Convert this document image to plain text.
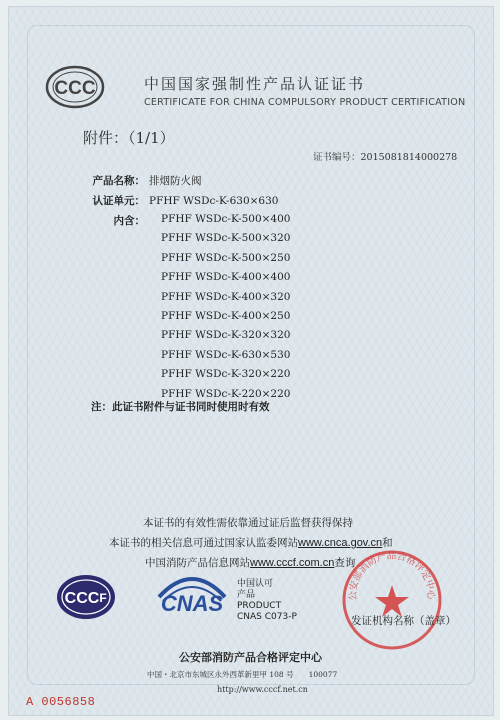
CCC	中国国家强制性产品认证证书
CERTIFICATE FOR CHINA COMPULSORY PRODUCT CERTIFICATION
附件：（1/1）
证书编号：2015081814000278
产品名称： 排烟防火阀
认证单元： PFHF WSDc-K-630×630
内含： PFHF WSDc-K-500×400
PFHF WSDc-K-500×320
PFHF WSDc-K-500×250
PFHF WSDc-K-400×400
PFHF WSDc-K-400×320
PFHF WSDc-K-400×250
PFHF WSDc-K-320×320
PFHF WSDc-K-630×530
PFHF WSDc-K-320×220
注：此证书附件与证书同时使用时有效
本证书的有效性需依靠通过证后监督获得保持
本证书的相关信息可通过国家认监委网站www.cnca.gov.cn和
中国消防产品信息网站www.cccf.com.cn查询
CCC F CNAS
中国认可
产品
PRODUCT
CNAS C073-P
公安部消防产品合格评定中心
发证机构名称（盖章）
公安部消防产品合格评定中心
中国・北京市东城区永外西革新里甲 108 号　　100077
http://www.cccf.net.cn
PFHF WSDc-K-220×220
A 0056858
